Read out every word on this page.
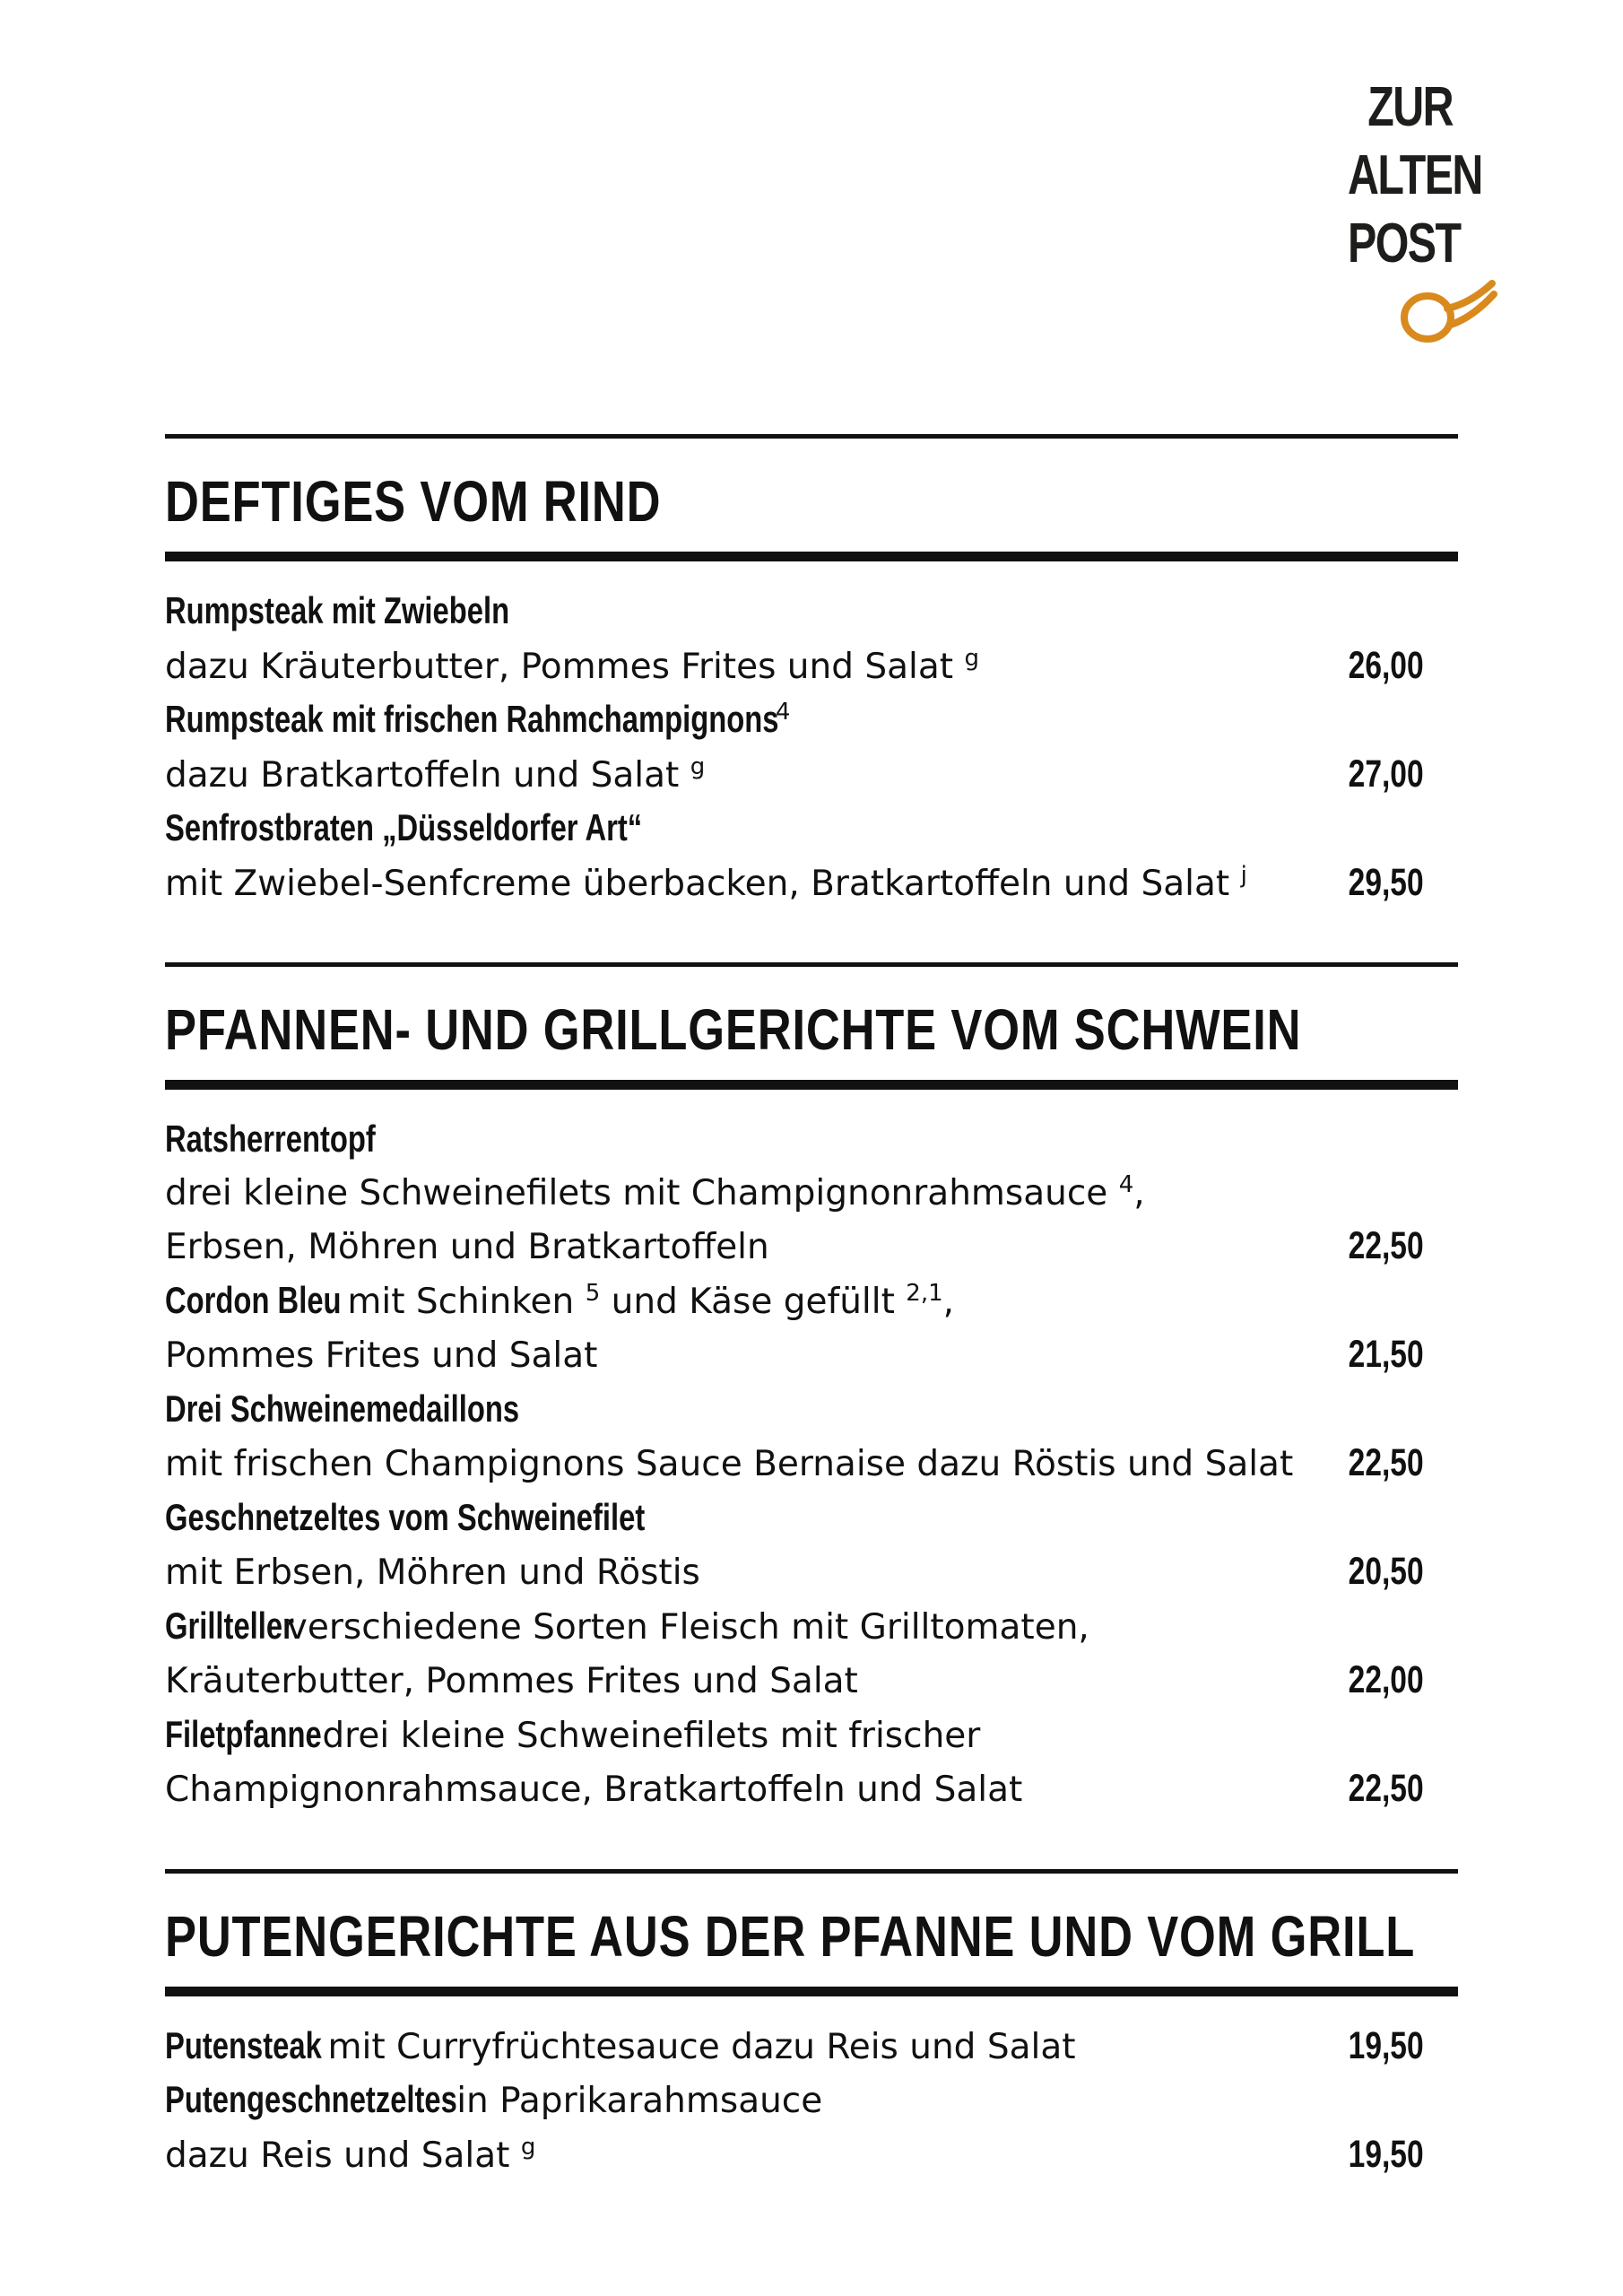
ZUR
ALTEN
POST
DEFTIGES VOM RIND
Rumpsteak mit Zwiebeln
dazu Kräuterbutter, Pommes Frites und Salat $^g$	26,00
Rumpsteak mit frischen Rahmchampignons $^4$
dazu Bratkartoffeln und Salat $^g$	27,00
Senfrostbraten „Düsseldorfer Art“
mit Zwiebel-Senfcreme überbacken, Bratkartoffeln und Salat $^j$	29,50
PFANNEN- UND GRILLGERICHTE VOM SCHWEIN
Ratsherrentopf
drei kleine Schweinefilets mit Champignonrahmsauce $^4$,
Erbsen, Möhren und Bratkartoffeln	22,50
Cordon Bleu mit Schinken $^5$ und Käse gefüllt $^{2,1}$,
Pommes Frites und Salat	21,50
Drei Schweinemedaillons
mit frischen Champignons Sauce Bernaise dazu Röstis und Salat 22,50
Geschnetzeltes vom Schweinefilet
mit Erbsen, Möhren und Röstis	20,50
Grillteller verschiedene Sorten Fleisch mit Grilltomaten,
Kräuterbutter, Pommes Frites und Salat	22,00
Filetpfanne drei kleine Schweinefilets mit frischer
Champignonrahmsauce, Bratkartoffeln und Salat	22,50
PUTENGERICHTE AUS DER PFANNE UND VOM GRILL
Putensteak mit Curryfrüchtesauce dazu Reis und Salat	19,50
Putengeschnetzeltes in Paprikarahmsauce
dazu Reis und Salat $^g$	19,50
